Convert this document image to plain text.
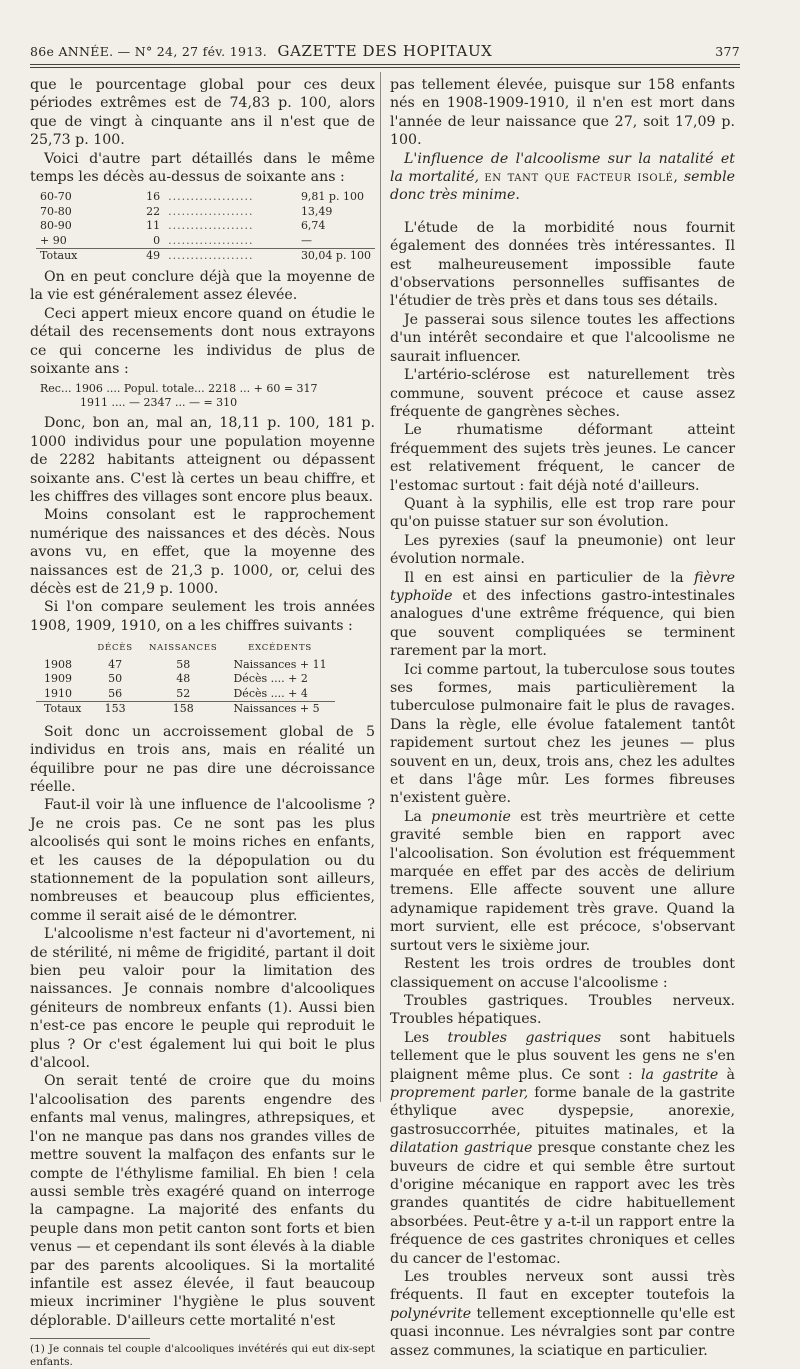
86e ANNÉE. — N° 24, 27 fév. 1913. GAZETTE DES HOPITAUX	377

que le pourcentage global pour ces deux périodes extrêmes est de 74,83 p. 100, alors que de vingt à cinquante ans il n'est que de 25,73 p. 100.

Voici d'autre part détaillés dans le même temps les décès au-dessus de soixante ans :

60-70	16	...................	9,81 p. 100
70-80	22	...................	13,49
80-90	11	...................	6,74
+ 90	0	...................	—
Totaux	49	...................	30,04 p. 100

On en peut conclure déjà que la moyenne de la vie est généralement assez élevée.

Ceci appert mieux encore quand on étudie le détail des recensements dont nous extrayons ce qui concerne les individus de plus de soixante ans :

Rec... 1906 .... Popul. totale... 2218 ... + 60 = 317
1911 .... — 2347 ... — = 310

Donc, bon an, mal an, 18,11 p. 100, 181 p. 1000 individus pour une population moyenne de 2282 habitants atteignent ou dépassent soixante ans. C'est là certes un beau chiffre, et les chiffres des villages sont encore plus beaux.

Moins consolant est le rapprochement numérique des naissances et des décès. Nous avons vu, en effet, que la moyenne des naissances est de 21,3 p. 1000, or, celui des décès est de 21,9 p. 1000.

Si l'on compare seulement les trois années 1908, 1909, 1910, on a les chiffres suivants :

	DÉCÈS	NAISSANCES	EXCÉDENTS
1908	47	58	Naissances + 11
1909	50	48	Décès .... + 2
1910	56	52	Décès .... + 4
Totaux	153	158	Naissances + 5

Soit donc un accroissement global de 5 individus en trois ans, mais en réalité un équilibre pour ne pas dire une décroissance réelle.

Faut-il voir là une influence de l'alcoolisme ? Je ne crois pas. Ce ne sont pas les plus alcoolisés qui sont le moins riches en enfants, et les causes de la dépopulation ou du stationnement de la population sont ailleurs, nombreuses et beaucoup plus efficientes, comme il serait aisé de le démontrer.

L'alcoolisme n'est facteur ni d'avortement, ni de stérilité, ni même de frigidité, partant il doit bien peu valoir pour la limitation des naissances. Je connais nombre d'alcooliques géniteurs de nombreux enfants (1). Aussi bien n'est-ce pas encore le peuple qui reproduit le plus ? Or c'est également lui qui boit le plus d'alcool.

On serait tenté de croire que du moins l'alcoolisation des parents engendre des enfants mal venus, malingres, athrepsiques, et l'on ne manque pas dans nos grandes villes de mettre souvent la malfaçon des enfants sur le compte de l'éthylisme familial. Eh bien ! cela aussi semble très exagéré quand on interroge la campagne. La majorité des enfants du peuple dans mon petit canton sont forts et bien venus — et cependant ils sont élevés à la diable par des parents alcooliques. Si la mortalité infantile est assez élevée, il faut beaucoup mieux incriminer l'hygiène le plus souvent déplorable. D'ailleurs cette mortalité n'est

(1) Je connais tel couple d'alcooliques invétérés qui eut dix-sept enfants.

pas tellement élevée, puisque sur 158 enfants nés en 1908-1909-1910, il n'en est mort dans l'année de leur naissance que 27, soit 17,09 p. 100.

L'influence de l'alcoolisme sur la natalité et la mortalité, en tant que facteur isolé, semble donc très minime.

L'étude de la morbidité nous fournit également des données très intéressantes. Il est malheureusement impossible faute d'observations personnelles suffisantes de l'étudier de très près et dans tous ses détails.

Je passerai sous silence toutes les affections d'un intérêt secondaire et que l'alcoolisme ne saurait influencer.

L'artério-sclérose est naturellement très commune, souvent précoce et cause assez fréquente de gangrènes sèches.

Le rhumatisme déformant atteint fréquemment des sujets très jeunes. Le cancer est relativement fréquent, le cancer de l'estomac surtout : fait déjà noté d'ailleurs.

Quant à la syphilis, elle est trop rare pour qu'on puisse statuer sur son évolution.

Les pyrexies (sauf la pneumonie) ont leur évolution normale.

Il en est ainsi en particulier de la fièvre typhoïde et des infections gastro-intestinales analogues d'une extrême fréquence, qui bien que souvent compliquées se terminent rarement par la mort.

Ici comme partout, la tuberculose sous toutes ses formes, mais particulièrement la tuberculose pulmonaire fait le plus de ravages. Dans la règle, elle évolue fatalement tantôt rapidement surtout chez les jeunes — plus souvent en un, deux, trois ans, chez les adultes et dans l'âge mûr. Les formes fibreuses n'existent guère.

La pneumonie est très meurtrière et cette gravité semble bien en rapport avec l'alcoolisation. Son évolution est fréquemment marquée en effet par des accès de delirium tremens. Elle affecte souvent une allure adynamique rapidement très grave. Quand la mort survient, elle est précoce, s'observant surtout vers le sixième jour.

Restent les trois ordres de troubles dont classiquement on accuse l'alcoolisme :

Troubles gastriques. Troubles nerveux. Troubles hépatiques.

Les troubles gastriques sont habituels tellement que le plus souvent les gens ne s'en plaignent même plus. Ce sont : la gastrite à proprement parler, forme banale de la gastrite éthylique avec dyspepsie, anorexie, gastrosuccorrhée, pituites matinales, et la dilatation gastrique presque constante chez les buveurs de cidre et qui semble être surtout d'origine mécanique en rapport avec les très grandes quantités de cidre habituellement absorbées. Peut-être y a-t-il un rapport entre la fréquence de ces gastrites chroniques et celles du cancer de l'estomac.

Les troubles nerveux sont aussi très fréquents. Il faut en excepter toutefois la polynévrite tellement exceptionnelle qu'elle est quasi inconnue. Les névralgies sont par contre assez communes, la sciatique en particulier.
